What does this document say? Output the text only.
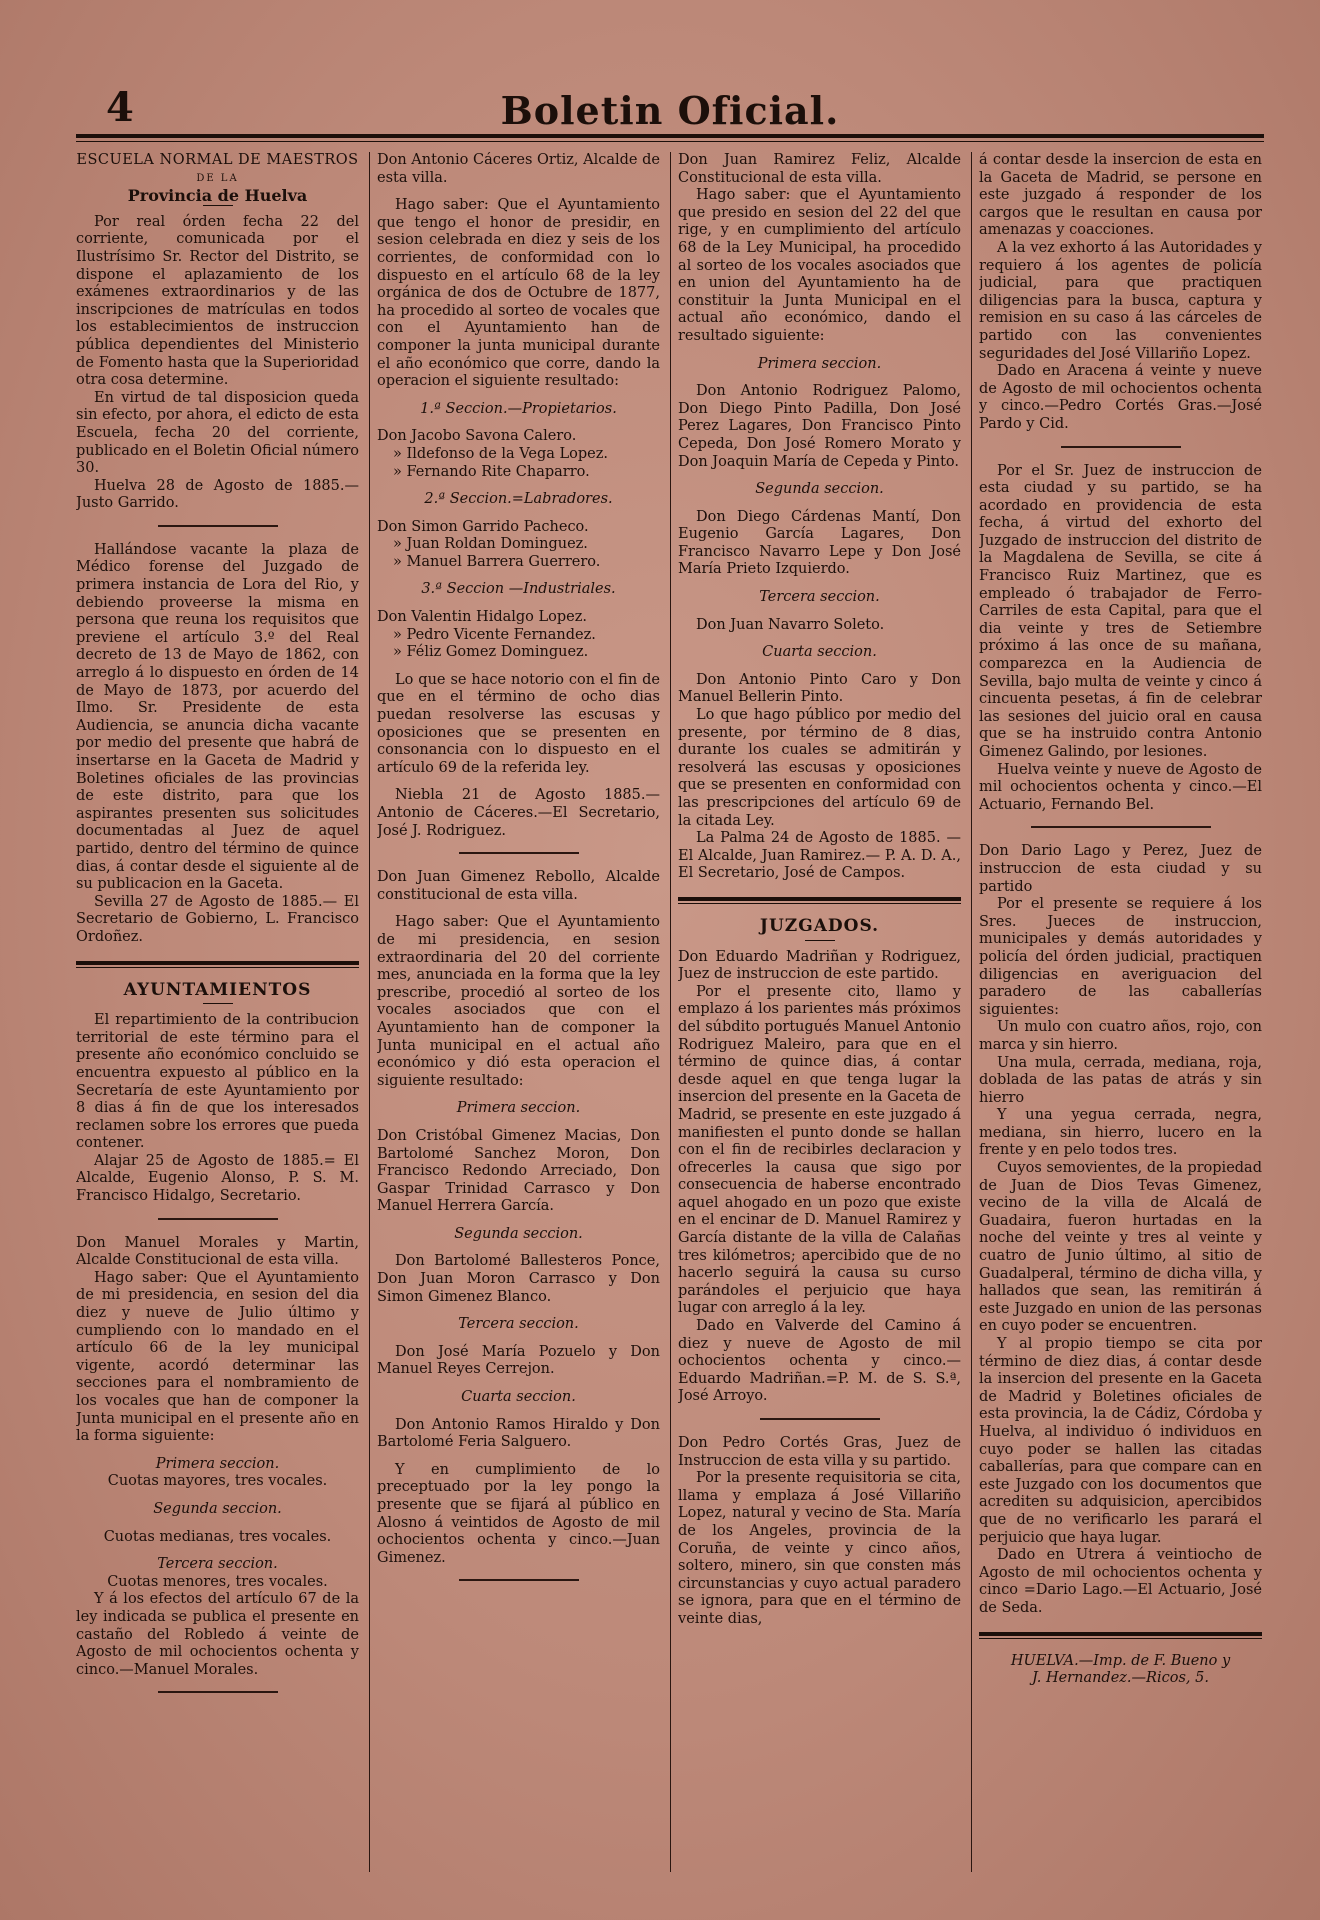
4	Boletin Oficial.
ESCUELA NORMAL DE MAESTROS
DE LA
Provincia de Huelva

Por real órden fecha 22 del corriente, comunicada por el Ilustrísimo Sr. Rector del Distrito, se dispone el aplazamiento de los exámenes extraordinarios y de las inscripciones de matrículas en todos los establecimientos de instruccion pública dependientes del Ministerio de Fomento hasta que la Superioridad otra cosa determine.

En virtud de tal disposicion queda sin efecto, por ahora, el edicto de esta Escuela, fecha 20 del corriente, publicado en el Boletin Oficial número 30.

Huelva 28 de Agosto de 1885.— Justo Garrido.

Hallándose vacante la plaza de Médico forense del Juzgado de primera instancia de Lora del Rio, y debiendo proveerse la misma en persona que reuna los requisitos que previene el artículo 3.º del Real decreto de 13 de Mayo de 1862, con arreglo á lo dispuesto en órden de 14 de Mayo de 1873, por acuerdo del Ilmo. Sr. Presidente de esta Audiencia, se anuncia dicha vacante por medio del presente que habrá de insertarse en la Gaceta de Madrid y Boletines oficiales de las provincias de este distrito, para que los aspirantes presenten sus solicitudes documentadas al Juez de aquel partido, dentro del término de quince dias, á contar desde el siguiente al de su publicacion en la Gaceta.

Sevilla 27 de Agosto de 1885.— El Secretario de Gobierno, L. Francisco Ordoñez.

AYUNTAMIENTOS

El repartimiento de la contribucion territorial de este término para el presente año económico concluido se encuentra expuesto al público en la Secretaría de este Ayuntamiento por 8 dias á fin de que los interesados reclamen sobre los errores que pueda contener.

Alajar 25 de Agosto de 1885.= El Alcalde, Eugenio Alonso, P. S. M. Francisco Hidalgo, Secretario.

Don Manuel Morales y Martin, Alcalde Constitucional de esta villa.

Hago saber: Que el Ayuntamiento de mi presidencia, en sesion del dia diez y nueve de Julio último y cumpliendo con lo mandado en el artículo 66 de la ley municipal vigente, acordó determinar las secciones para el nombramiento de los vocales que han de componer la Junta municipal en el presente año en la forma siguiente:

Primera seccion.

Cuotas mayores, tres vocales.

Segunda seccion.

Cuotas medianas, tres vocales.

Tercera seccion.

Cuotas menores, tres vocales.

Y á los efectos del artículo 67 de la ley indicada se publica el presente en castaño del Robledo á veinte de Agosto de mil ochocientos ochenta y cinco.—Manuel Morales.

Don Antonio Cáceres Ortiz, Alcalde de esta villa.

Hago saber: Que el Ayuntamiento que tengo el honor de presidir, en sesion celebrada en diez y seis de los corrientes, de conformidad con lo dispuesto en el artículo 68 de la ley orgánica de dos de Octubre de 1877, ha procedido al sorteo de vocales que con el Ayuntamiento han de componer la junta municipal durante el año económico que corre, dando la operacion el siguiente resultado:

1.ª Seccion.—Propietarios.

Don Jacobo Savona Calero.

» Ildefonso de la Vega Lopez.

» Fernando Rite Chaparro.

2.ª Seccion.=Labradores.

Don Simon Garrido Pacheco.

» Juan Roldan Dominguez.

» Manuel Barrera Guerrero.

3.ª Seccion —Industriales.

Don Valentin Hidalgo Lopez.

» Pedro Vicente Fernandez.

» Féliz Gomez Dominguez.

Lo que se hace notorio con el fin de que en el término de ocho dias puedan resolverse las escusas y oposiciones que se presenten en consonancia con lo dispuesto en el artículo 69 de la referida ley.

Niebla 21 de Agosto 1885.—Antonio de Cáceres.—El Secretario, José J. Rodriguez.

Don Juan Gimenez Rebollo, Alcalde constitucional de esta villa.

Hago saber: Que el Ayuntamiento de mi presidencia, en sesion extraordinaria del 20 del corriente mes, anunciada en la forma que la ley prescribe, procedió al sorteo de los vocales asociados que con el Ayuntamiento han de componer la Junta municipal en el actual año económico y dió esta operacion el siguiente resultado:

Primera seccion.

Don Cristóbal Gimenez Macias, Don Bartolomé Sanchez Moron, Don Francisco Redondo Arreciado, Don Gaspar Trinidad Carrasco y Don Manuel Herrera García.

Segunda seccion.

Don Bartolomé Ballesteros Ponce, Don Juan Moron Carrasco y Don Simon Gimenez Blanco.

Tercera seccion.

Don José María Pozuelo y Don Manuel Reyes Cerrejon.

Cuarta seccion.

Don Antonio Ramos Hiraldo y Don Bartolomé Feria Salguero.

Y en cumplimiento de lo preceptuado por la ley pongo la presente que se fijará al público en Alosno á veintidos de Agosto de mil ochocientos ochenta y cinco.—Juan Gimenez.

Don Juan Ramirez Feliz, Alcalde Constitucional de esta villa.

Hago saber: que el Ayuntamiento que presido en sesion del 22 del que rige, y en cumplimiento del artículo 68 de la Ley Municipal, ha procedido al sorteo de los vocales asociados que en union del Ayuntamiento ha de constituir la Junta Municipal en el actual año económico, dando el resultado siguiente:

Primera seccion.

Don Antonio Rodriguez Palomo, Don Diego Pinto Padilla, Don José Perez Lagares, Don Francisco Pinto Cepeda, Don José Romero Morato y Don Joaquin María de Cepeda y Pinto.

Segunda seccion.

Don Diego Cárdenas Mantí, Don Eugenio García Lagares, Don Francisco Navarro Lepe y Don José María Prieto Izquierdo.

Tercera seccion.

Don Juan Navarro Soleto.

Cuarta seccion.

Don Antonio Pinto Caro y Don Manuel Bellerin Pinto.

Lo que hago público por medio del presente, por término de 8 dias, durante los cuales se admitirán y resolverá las escusas y oposiciones que se presenten en conformidad con las prescripciones del artículo 69 de la citada Ley.

La Palma 24 de Agosto de 1885. —El Alcalde, Juan Ramirez.— P. A. D. A., El Secretario, José de Campos.

JUZGADOS.

Don Eduardo Madriñan y Rodriguez, Juez de instruccion de este partido.

Por el presente cito, llamo y emplazo á los parientes más próximos del súbdito portugués Manuel Antonio Rodriguez Maleiro, para que en el término de quince dias, á contar desde aquel en que tenga lugar la insercion del presente en la Gaceta de Madrid, se presente en este juzgado á manifiesten el punto donde se hallan con el fin de recibirles declaracion y ofrecerles la causa que sigo por consecuencia de haberse encontrado aquel ahogado en un pozo que existe en el encinar de D. Manuel Ramirez y García distante de la villa de Calañas tres kilómetros; apercibido que de no hacerlo seguirá la causa su curso parándoles el perjuicio que haya lugar con arreglo á la ley.

Dado en Valverde del Camino á diez y nueve de Agosto de mil ochocientos ochenta y cinco.—Eduardo Madriñan.=P. M. de S. S.ª, José Arroyo.

Don Pedro Cortés Gras, Juez de Instruccion de esta villa y su partido.

Por la presente requisitoria se cita, llama y emplaza á José Villariño Lopez, natural y vecino de Sta. María de los Angeles, provincia de la Coruña, de veinte y cinco años, soltero, minero, sin que consten más circunstancias y cuyo actual paradero se ignora, para que en el término de veinte dias,

á contar desde la insercion de esta en la Gaceta de Madrid, se persone en este juzgado á responder de los cargos que le resultan en causa por amenazas y coacciones.

A la vez exhorto á las Autoridades y requiero á los agentes de policía judicial, para que practiquen diligencias para la busca, captura y remision en su caso á las cárceles de partido con las convenientes seguridades del José Villariño Lopez.

Dado en Aracena á veinte y nueve de Agosto de mil ochocientos ochenta y cinco.—Pedro Cortés Gras.—José Pardo y Cid.

Por el Sr. Juez de instruccion de esta ciudad y su partido, se ha acordado en providencia de esta fecha, á virtud del exhorto del Juzgado de instruccion del distrito de la Magdalena de Sevilla, se cite á Francisco Ruiz Martinez, que es empleado ó trabajador de Ferro-Carriles de esta Capital, para que el dia veinte y tres de Setiembre próximo á las once de su mañana, comparezca en la Audiencia de Sevilla, bajo multa de veinte y cinco á cincuenta pesetas, á fin de celebrar las sesiones del juicio oral en causa que se ha instruido contra Antonio Gimenez Galindo, por lesiones.

Huelva veinte y nueve de Agosto de mil ochocientos ochenta y cinco.—El Actuario, Fernando Bel.

Don Dario Lago y Perez, Juez de instruccion de esta ciudad y su partido

Por el presente se requiere á los Sres. Jueces de instruccion, municipales y demás autoridades y policía del órden judicial, practiquen diligencias en averiguacion del paradero de las caballerías siguientes:

Un mulo con cuatro años, rojo, con marca y sin hierro.

Una mula, cerrada, mediana, roja, doblada de las patas de atrás y sin hierro

Y una yegua cerrada, negra, mediana, sin hierro, lucero en la frente y en pelo todos tres.

Cuyos semovientes, de la propiedad de Juan de Dios Tevas Gimenez, vecino de la villa de Alcalá de Guadaira, fueron hurtadas en la noche del veinte y tres al veinte y cuatro de Junio último, al sitio de Guadalperal, término de dicha villa, y hallados que sean, las remitirán á este Juzgado en union de las personas en cuyo poder se encuentren.

Y al propio tiempo se cita por término de diez dias, á contar desde la insercion del presente en la Gaceta de Madrid y Boletines oficiales de esta provincia, la de Cádiz, Córdoba y Huelva, al individuo ó individuos en cuyo poder se hallen las citadas caballerías, para que compare can en este Juzgado con los documentos que acrediten su adquisicion, apercibidos que de no verificarlo les parará el perjuicio que haya lugar.

Dado en Utrera á veintiocho de Agosto de mil ochocientos ochenta y cinco =Dario Lago.—El Actuario, José de Seda.

HUELVA.—Imp. de F. Bueno y
J. Hernandez.—Ricos, 5.
